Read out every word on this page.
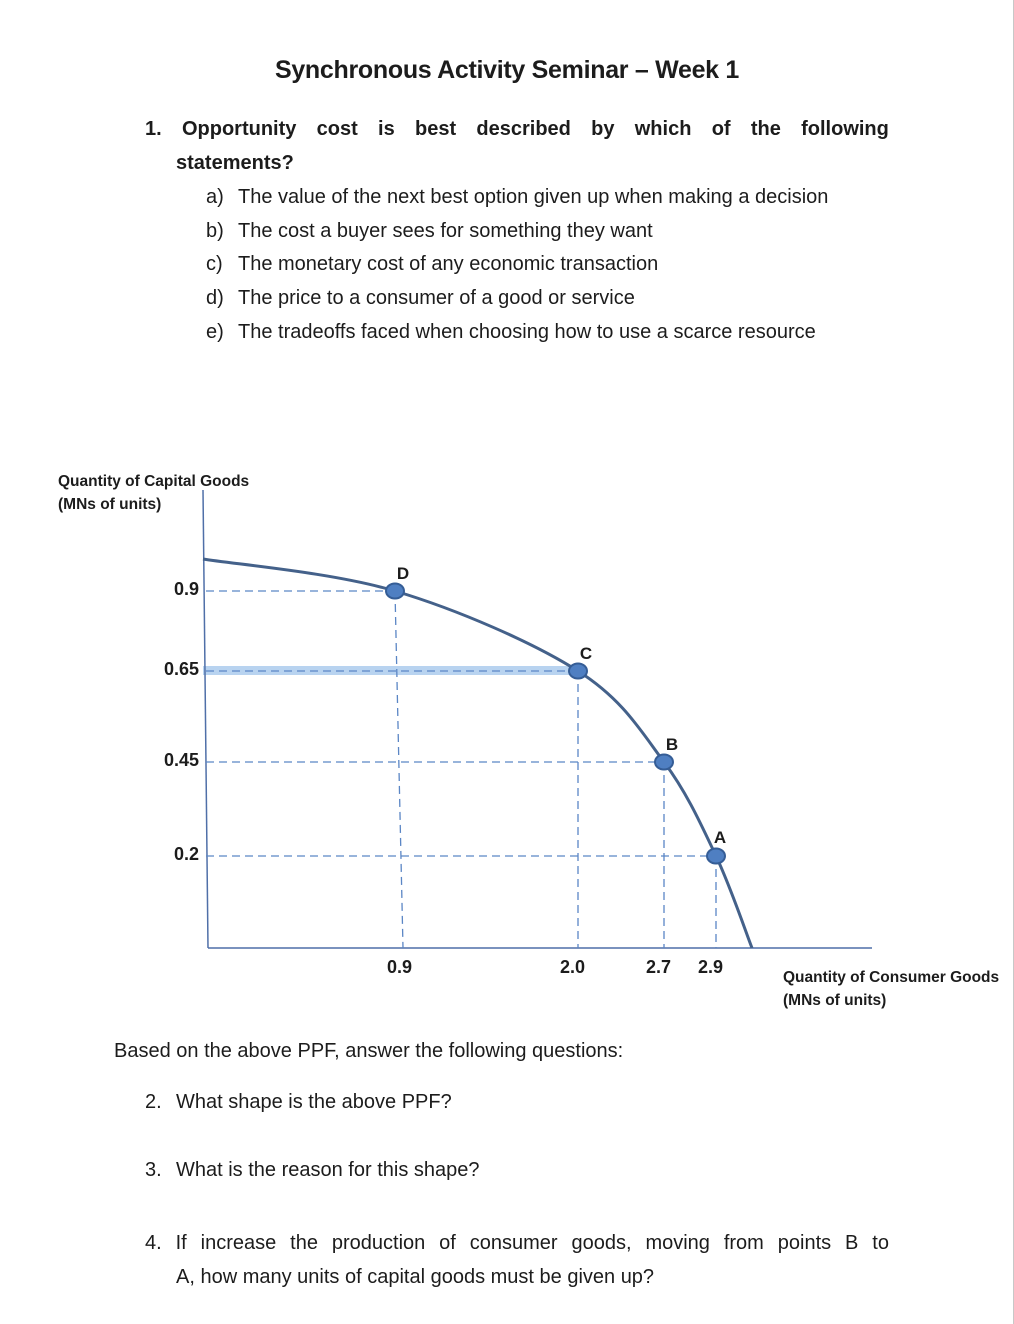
Synchronous Activity Seminar – Week 1
1. Opportunity cost is best described by which of the following
statements?
a) The value of the next best option given up when making a decision
b) The cost a buyer sees for something they want
c) The monetary cost of any economic transaction
d) The price to a consumer of a good or service
e) The tradeoffs faced when choosing how to use a scarce resource
D
C
B
A
Quantity of Capital Goods
(MNs of units)
Quantity of Consumer Goods
(MNs of units)
0.9
0.9
0.65
2.0
0.45
2.7
0.2
2.9
Based on the above PPF, answer the following questions:
2. What shape is the above PPF?
3. What is the reason for this shape?
4. If increase the production of consumer goods, moving from points B to
A, how many units of capital goods must be given up?
